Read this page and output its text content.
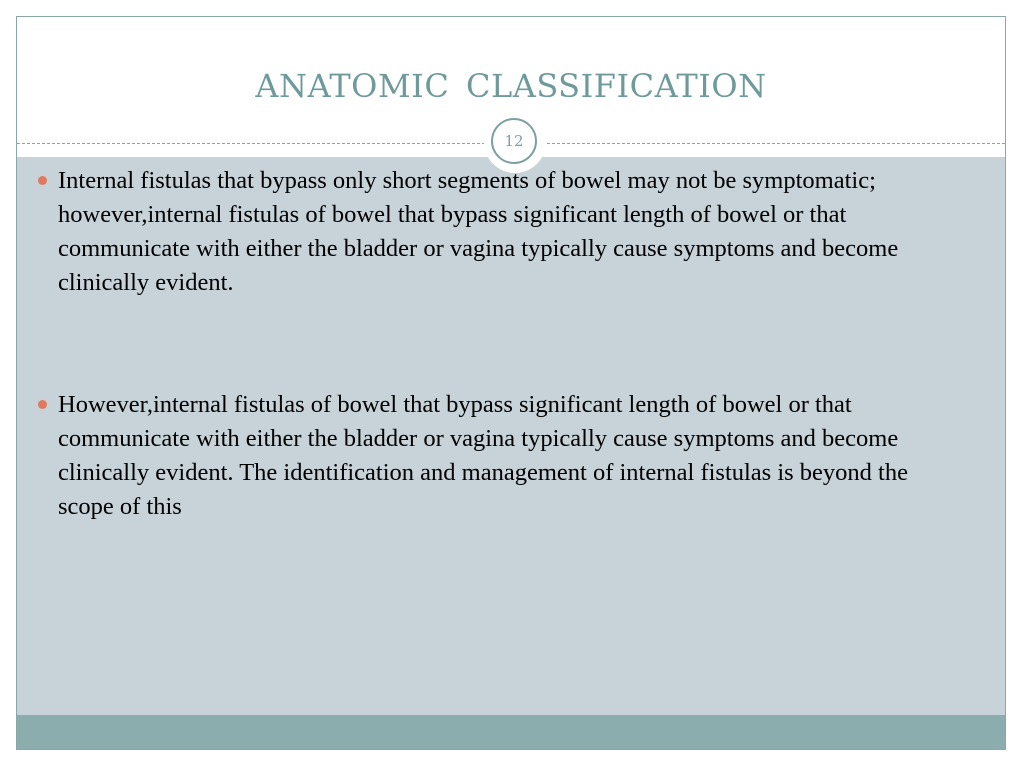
ANATOMIC CLASSIFICATION
12
Internal fistulas that bypass only short segments of bowel may not be symptomatic; however,internal fistulas of bowel that bypass significant length of bowel or that communicate with either the bladder or vagina typically cause symptoms and become clinically evident.
However,internal fistulas of bowel that bypass significant length of bowel or that communicate with either the bladder or vagina typically cause symptoms and become clinically evident. The identification and management of internal fistulas is beyond the scope of this
